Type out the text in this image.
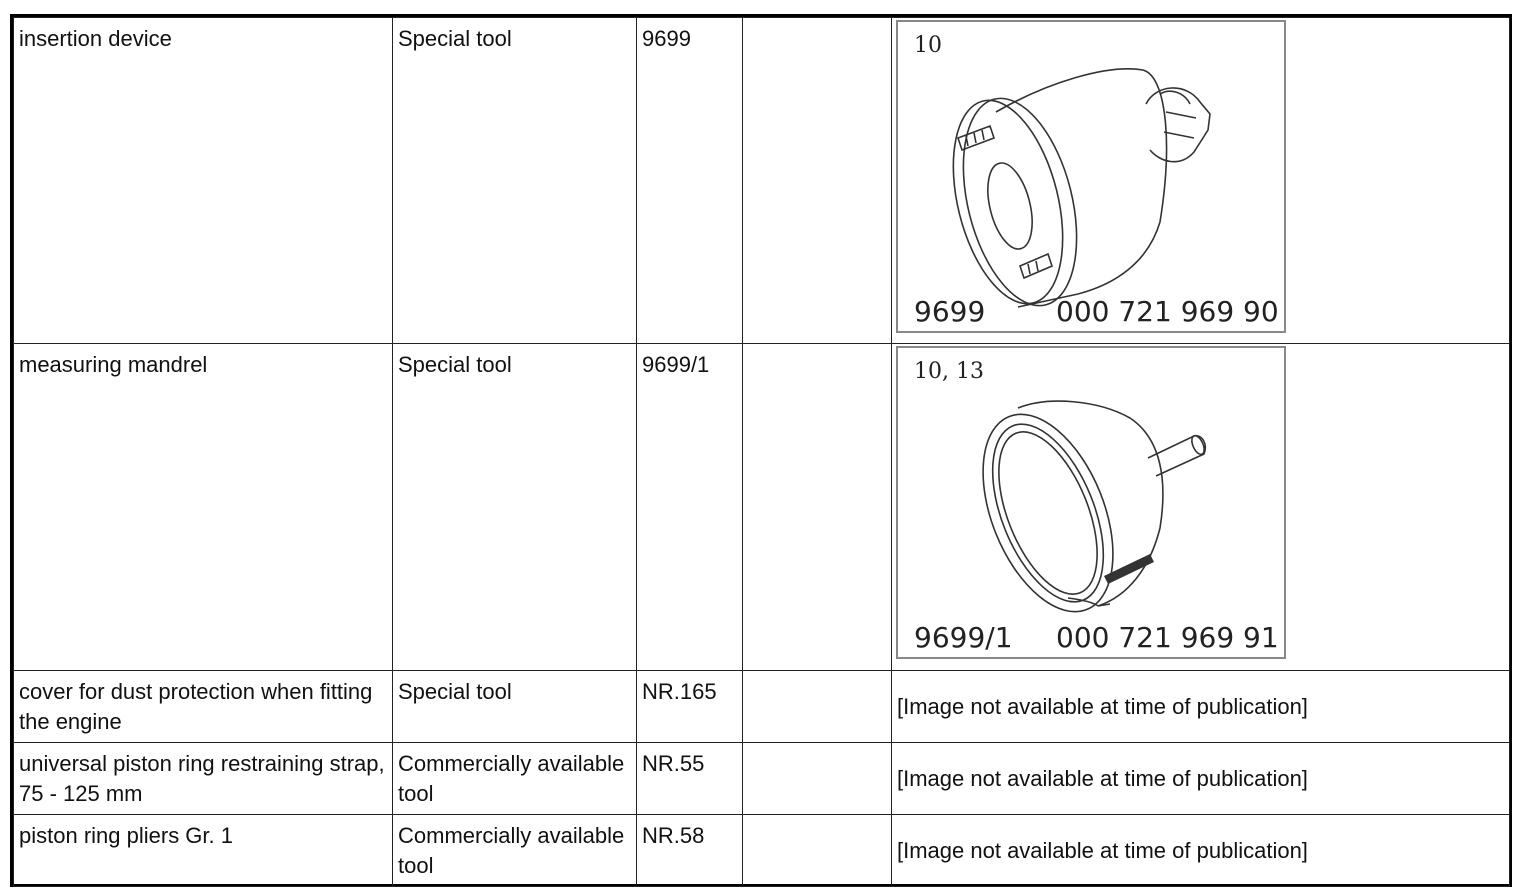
insertion device	Special tool	9699		10
9699 000 721 969 90

measuring mandrel	Special tool	9699/1		10, 13
9699/1 000 721 969 91

cover for dust protection when fitting the engine	Special tool	NR.165		[Image not available at time of publication]
universal piston ring restraining strap, 75 - 125 mm	Commercially available tool	NR.55		[Image not available at time of publication]
piston ring pliers Gr. 1	Commercially available tool	NR.58		[Image not available at time of publication]
